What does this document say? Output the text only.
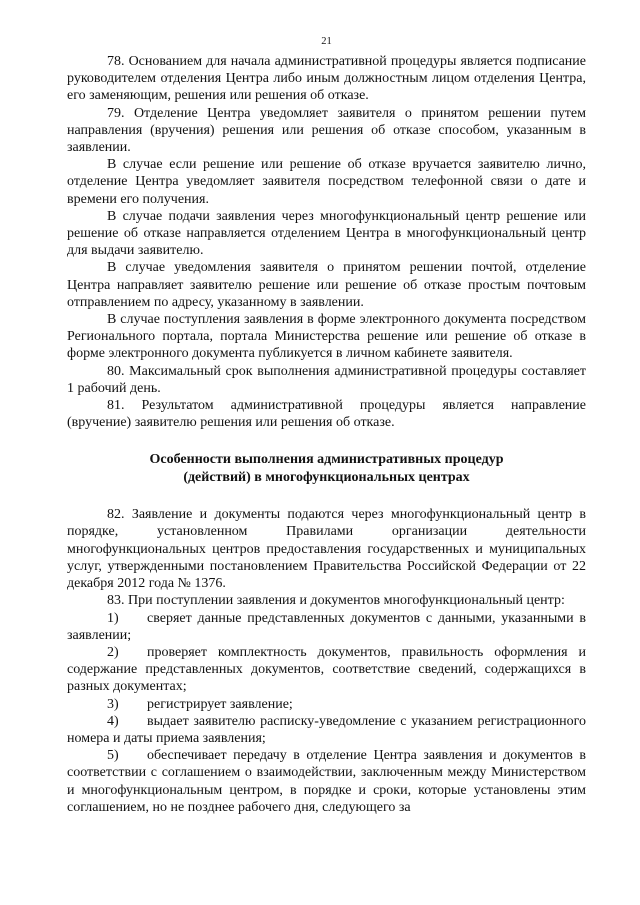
21

78. Основанием для начала административной процедуры является подписание руководителем отделения Центра либо иным должностным лицом отделения Центра, его заменяющим, решения или решения об отказе.

79. Отделение Центра уведомляет заявителя о принятом решении путем направления (вручения) решения или решения об отказе способом, указанным в заявлении.

В случае если решение или решение об отказе вручается заявителю лично, отделение Центра уведомляет заявителя посредством телефонной связи о дате и времени его получения.

В случае подачи заявления через многофункциональный центр решение или решение об отказе направляется отделением Центра в многофункциональный центр для выдачи заявителю.

В случае уведомления заявителя о принятом решении почтой, отделение Центра направляет заявителю решение или решение об отказе простым почтовым отправлением по адресу, указанному в заявлении.

В случае поступления заявления в форме электронного документа посредством Регионального портала, портала Министерства решение или решение об отказе в форме электронного документа публикуется в личном кабинете заявителя.

80. Максимальный срок выполнения административной процедуры составляет 1 рабочий день.

81. Результатом административной процедуры является направление (вручение) заявителю решения или решения об отказе.

Особенности выполнения административных процедур
(действий) в многофункциональных центрах

82. Заявление и документы подаются через многофункциональный центр в порядке, установленном Правилами организации деятельности многофункциональных центров предоставления государственных и муниципальных услуг, утвержденными постановлением Правительства Российской Федерации от 22 декабря 2012 года № 1376.

83. При поступлении заявления и документов многофункциональный центр:

1) сверяет данные представленных документов с данными, указанными в заявлении;

2) проверяет комплектность документов, правильность оформления и содержание представленных документов, соответствие сведений, содержащихся в разных документах;

3) регистрирует заявление;

4) выдает заявителю расписку-уведомление с указанием регистрационного номера и даты приема заявления;

5) обеспечивает передачу в отделение Центра заявления и документов в соответствии с соглашением о взаимодействии, заключенным между Министерством и многофункциональным центром, в порядке и сроки, которые установлены этим соглашением, но не позднее рабочего дня, следующего за
